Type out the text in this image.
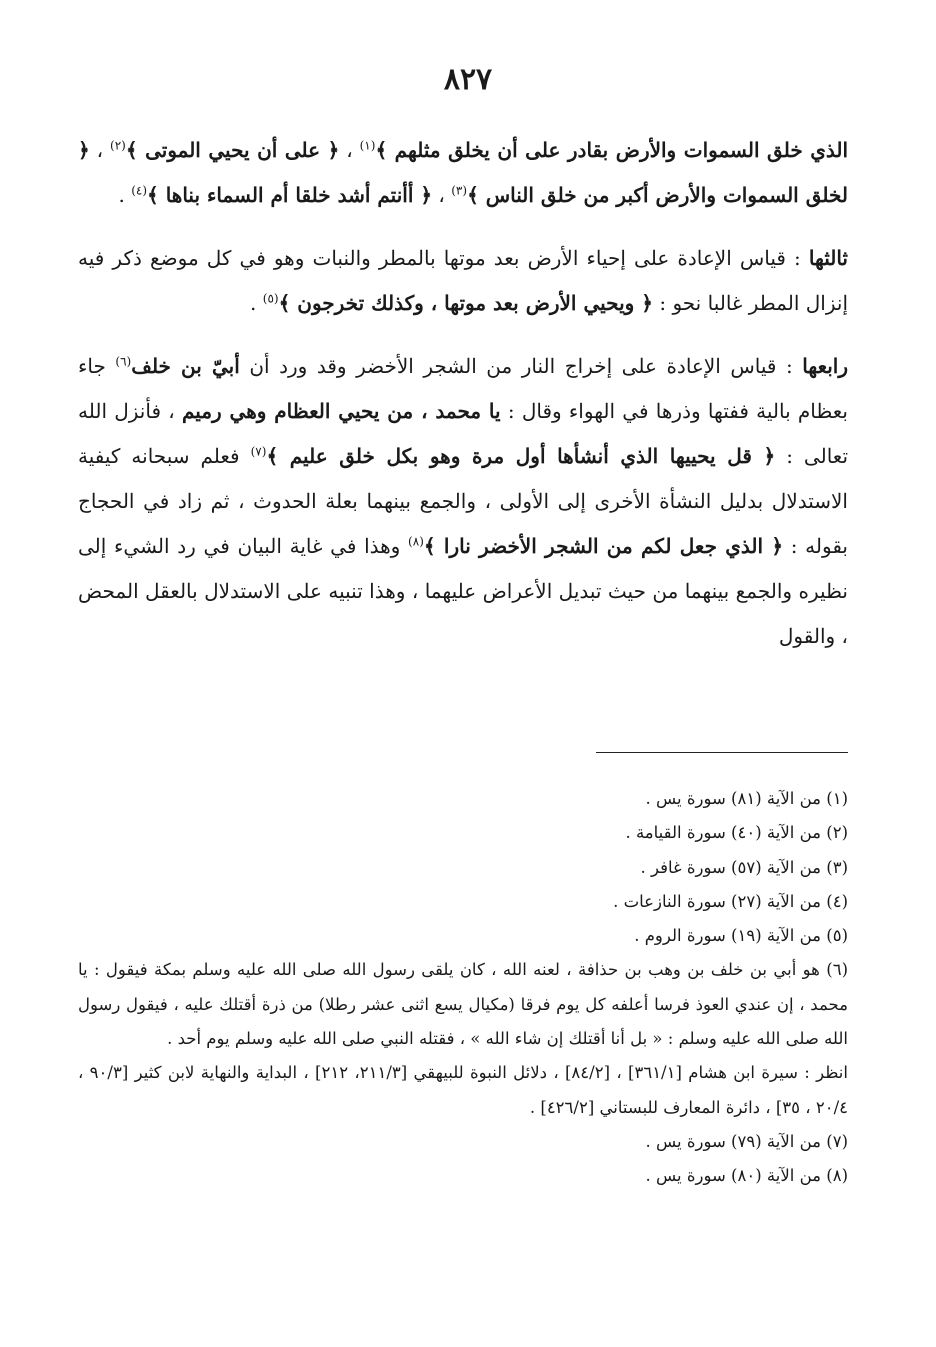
٨٢٧

الذي خلق السموات والأرض بقادر على أن يخلق مثلهم ﴾$^{(١)}$ ، ﴿ على أن يحيي الموتى ﴾$^{(٢)}$ ، ﴿ لخلق السموات والأرض أكبر من خلق الناس ﴾$^{(٣)}$ ، ﴿ أأنتم أشد خلقا أم السماء بناها ﴾$^{(٤)}$ .

ثالثها : قياس الإعادة على إحياء الأرض بعد موتها بالمطر والنبات وهو في كل موضع ذكر فيه إنزال المطر غالبا نحو : ﴿ ويحيي الأرض بعد موتها ، وكذلك تخرجون ﴾$^{(٥)}$ .

رابعها : قياس الإعادة على إخراج النار من الشجر الأخضر وقد ورد أن أبيّ بن خلف$^{(٦)}$ جاء بعظام بالية ففتها وذرها في الهواء وقال : يا محمد ، من يحيي العظام وهي رميم ، فأنزل الله تعالى : ﴿ قل يحييها الذي أنشأها أول مرة وهو بكل خلق عليم ﴾$^{(٧)}$ فعلم سبحانه كيفية الاستدلال بدليل النشأة الأخرى إلى الأولى ، والجمع بينهما بعلة الحدوث ، ثم زاد في الحجاج بقوله : ﴿ الذي جعل لكم من الشجر الأخضر نارا ﴾$^{(٨)}$ وهذا في غاية البيان في رد الشيء إلى نظيره والجمع بينهما من حيث تبديل الأعراض عليهما ، وهذا تنبيه على الاستدلال بالعقل المحض ، والقول

(١) من الآية (٨١) سورة يس .
(٢) من الآية (٤٠) سورة القيامة .
(٣) من الآية (٥٧) سورة غافر .
(٤) من الآية (٢٧) سورة النازعات .
(٥) من الآية (١٩) سورة الروم .
(٦) هو أبي بن خلف بن وهب بن حذافة ، لعنه الله ، كان يلقى رسول الله صلى الله عليه وسلم بمكة فيقول : يا محمد ، إن عندي العوذ فرسا أعلفه كل يوم فرقا (مكيال يسع اثنى عشر رطلا) من ذرة أقتلك عليه ، فيقول رسول الله صلى الله عليه وسلم : « بل أنا أقتلك إن شاء الله » ، فقتله النبي صلى الله عليه وسلم يوم أحد .
انظر : سيرة ابن هشام [٣٦١/١] ، [٨٤/٢] ، دلائل النبوة للبيهقي [٢١١/٣، ٢١٢] ، البداية والنهاية لابن كثير [٩٠/٣ ، ٢٠/٤ ، ٣٥] ، دائرة المعارف للبستاني [٤٢٦/٢] .
(٧) من الآية (٧٩) سورة يس .
(٨) من الآية (٨٠) سورة يس .
